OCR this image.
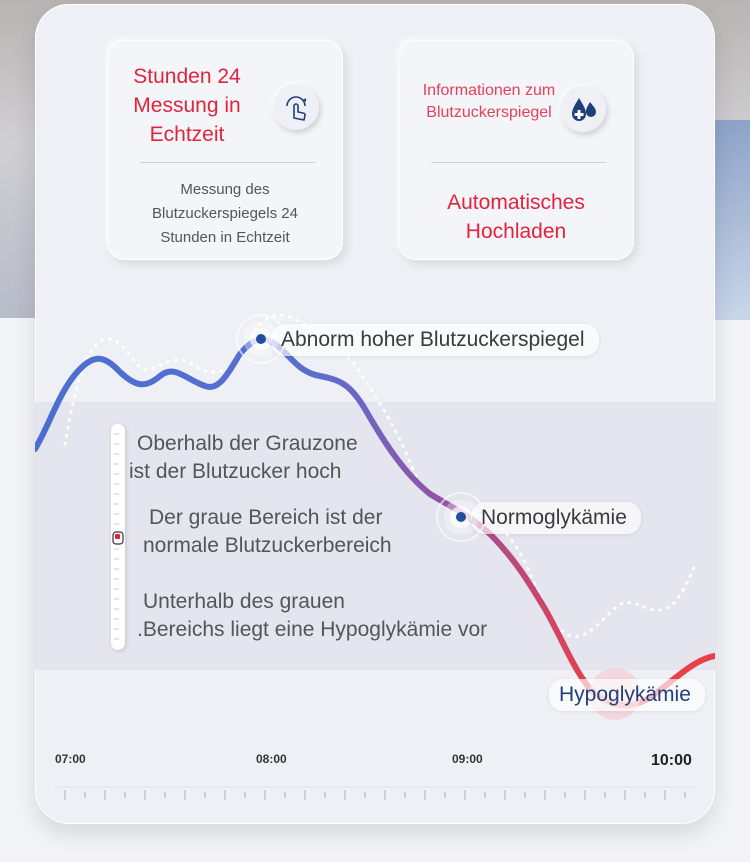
Stunden 24
Messung in
Echtzeit
Messung des
Blutzuckerspiegels 24
Stunden in Echtzeit
Informationen zum
Blutzuckerspiegel
Automatisches
Hochladen
Abnorm hoher Blutzuckerspiegel
Normoglykämie
Hypoglykämie
Oberhalb der Grauzone
ist der Blutzucker hoch
Der graue Bereich ist der
normale Blutzuckerbereich
Unterhalb des grauen
.Bereichs liegt eine Hypoglykämie vor
07:00	08:00	09:00	10:00
